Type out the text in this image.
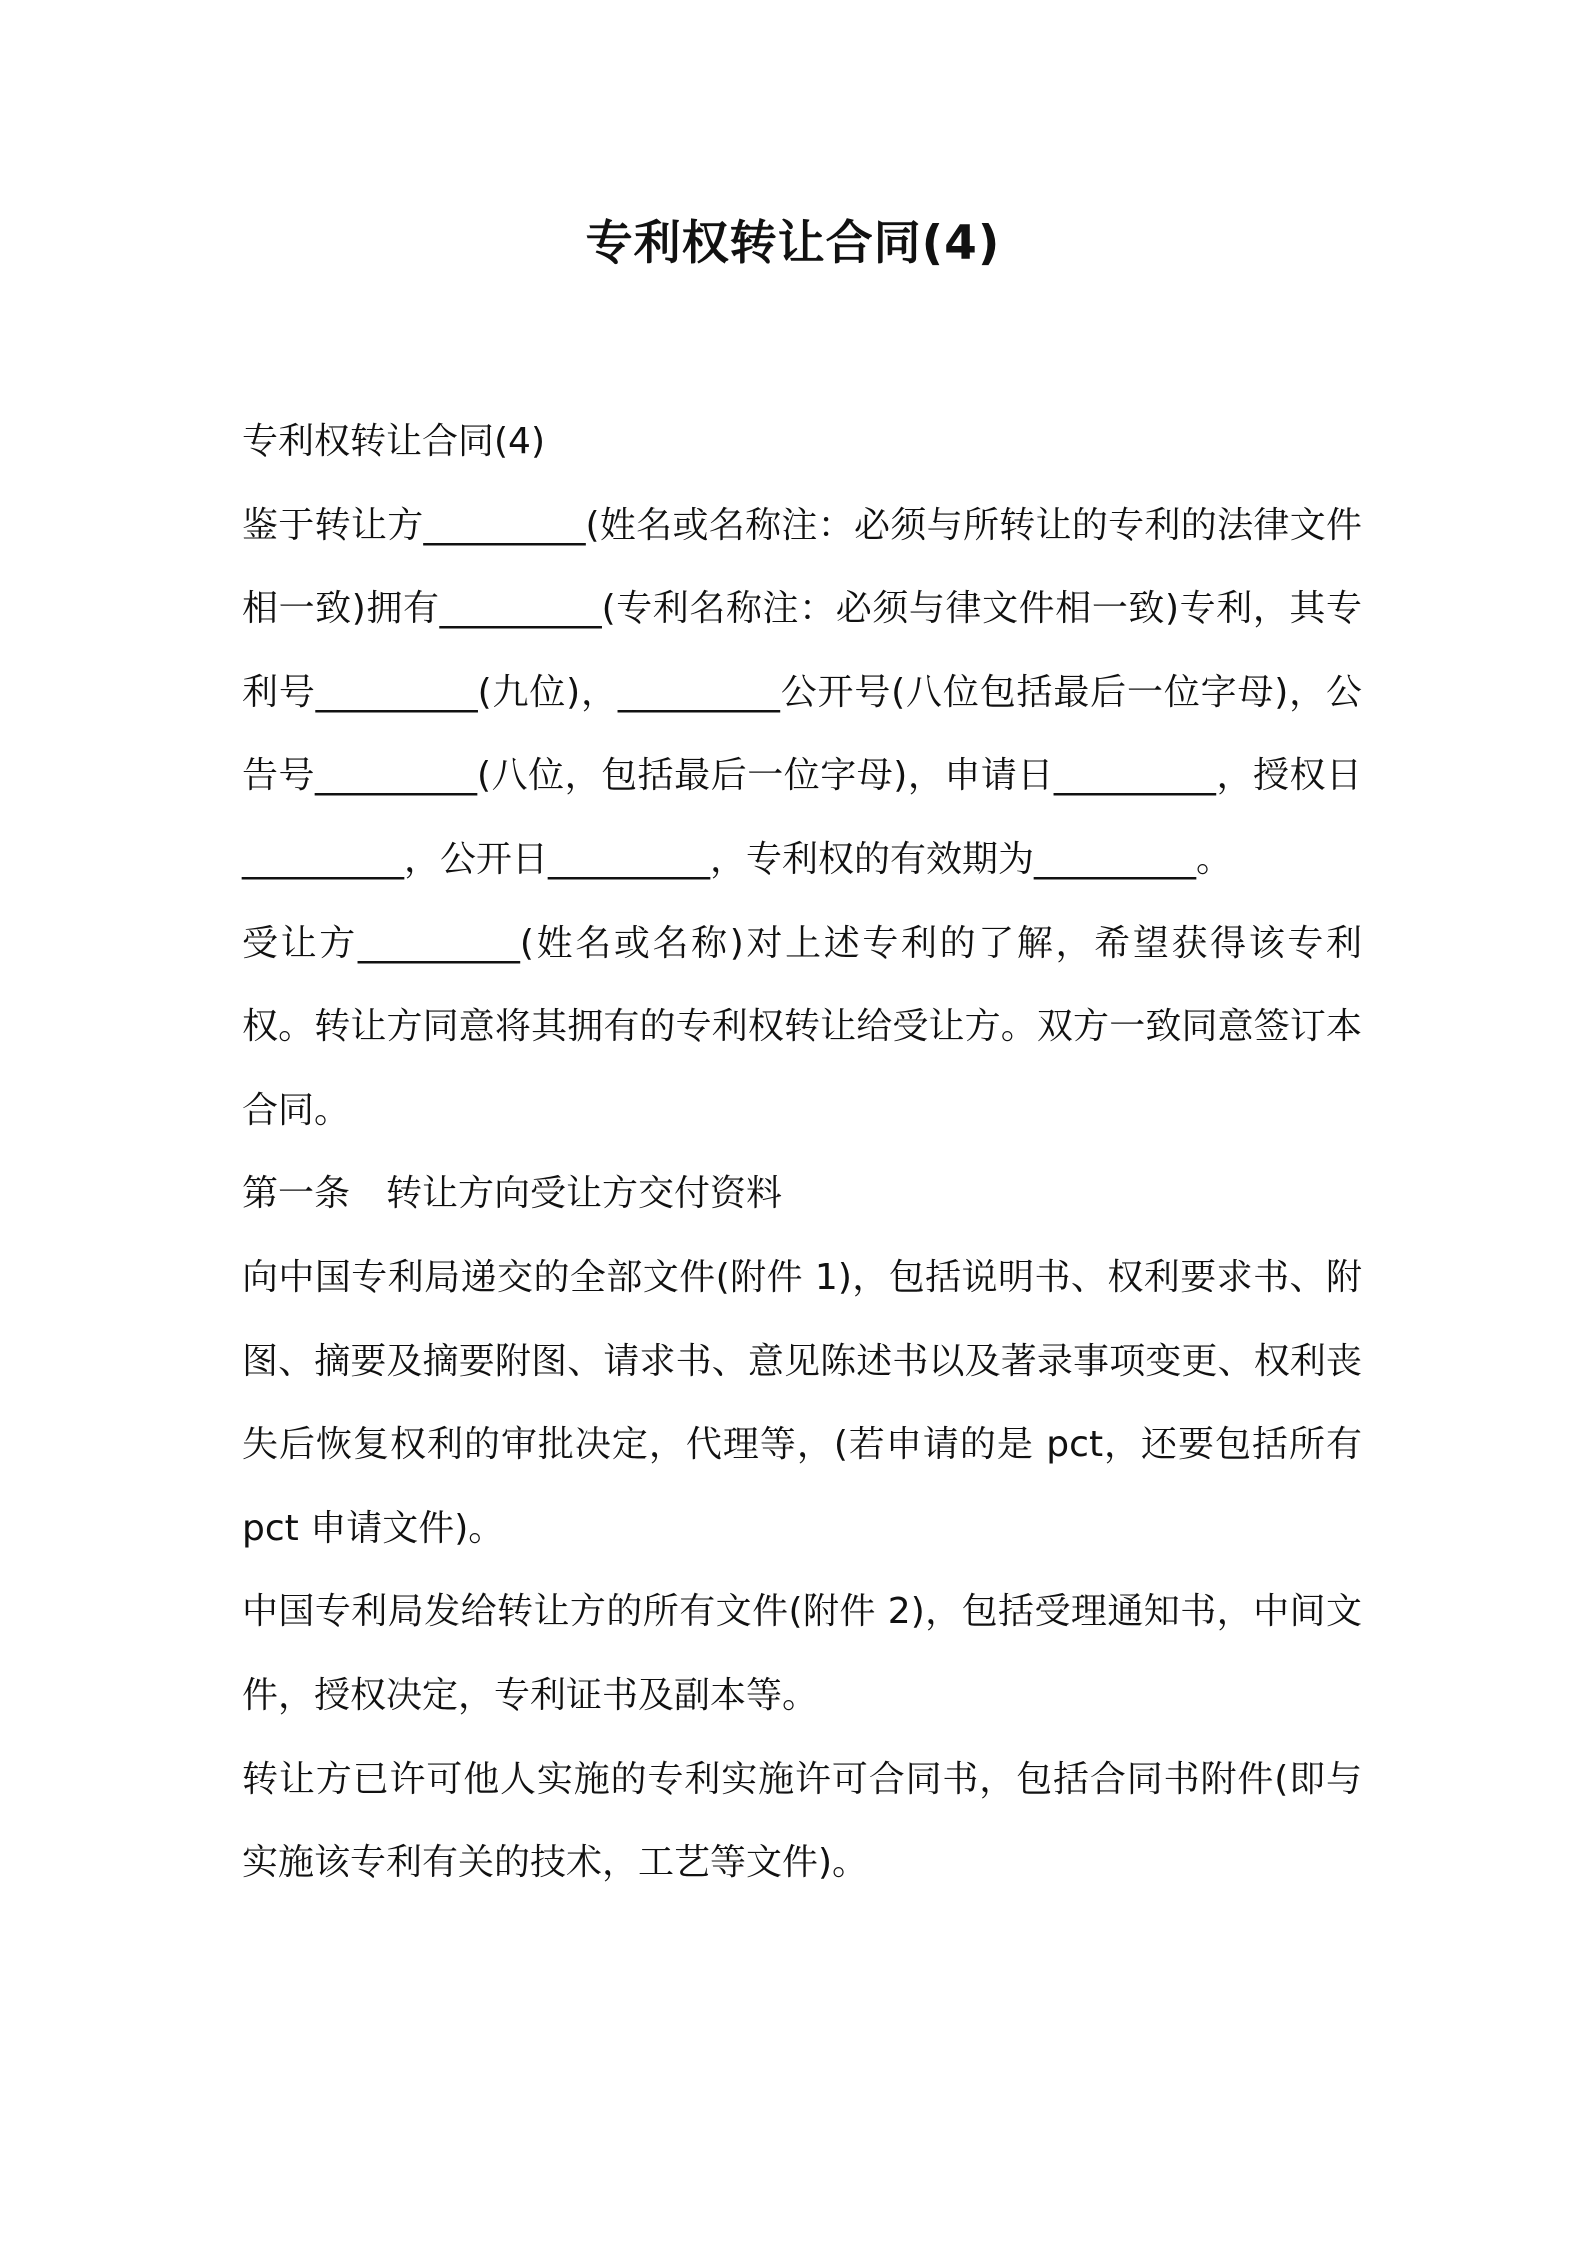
专利权转让合同(4)

专利权转让合同(4)

鉴于转让方_________(姓名或名称注：必须与所转让的专利的法律文件相一致)拥有_________(专利名称注：必须与律文件相一致)专利，其专利号_________(九位)，_________公开号(八位包括最后一位字母)，公告号_________(八位，包括最后一位字母)，申请日_________，授权日_________，公开日_________，专利权的有效期为_________。

受让方_________(姓名或名称)对上述专利的了解，希望获得该专利权。转让方同意将其拥有的专利权转让给受让方。双方一致同意签订本合同。

第一条　转让方向受让方交付资料

向中国专利局递交的全部文件(附件 1)，包括说明书、权利要求书、附图、摘要及摘要附图、请求书、意见陈述书以及著录事项变更、权利丧失后恢复权利的审批决定，代理等，(若申请的是 pct，还要包括所有 pct 申请文件)。

中国专利局发给转让方的所有文件(附件 2)，包括受理通知书，中间文件，授权决定，专利证书及副本等。

转让方已许可他人实施的专利实施许可合同书，包括合同书附件(即与实施该专利有关的技术，工艺等文件)。
